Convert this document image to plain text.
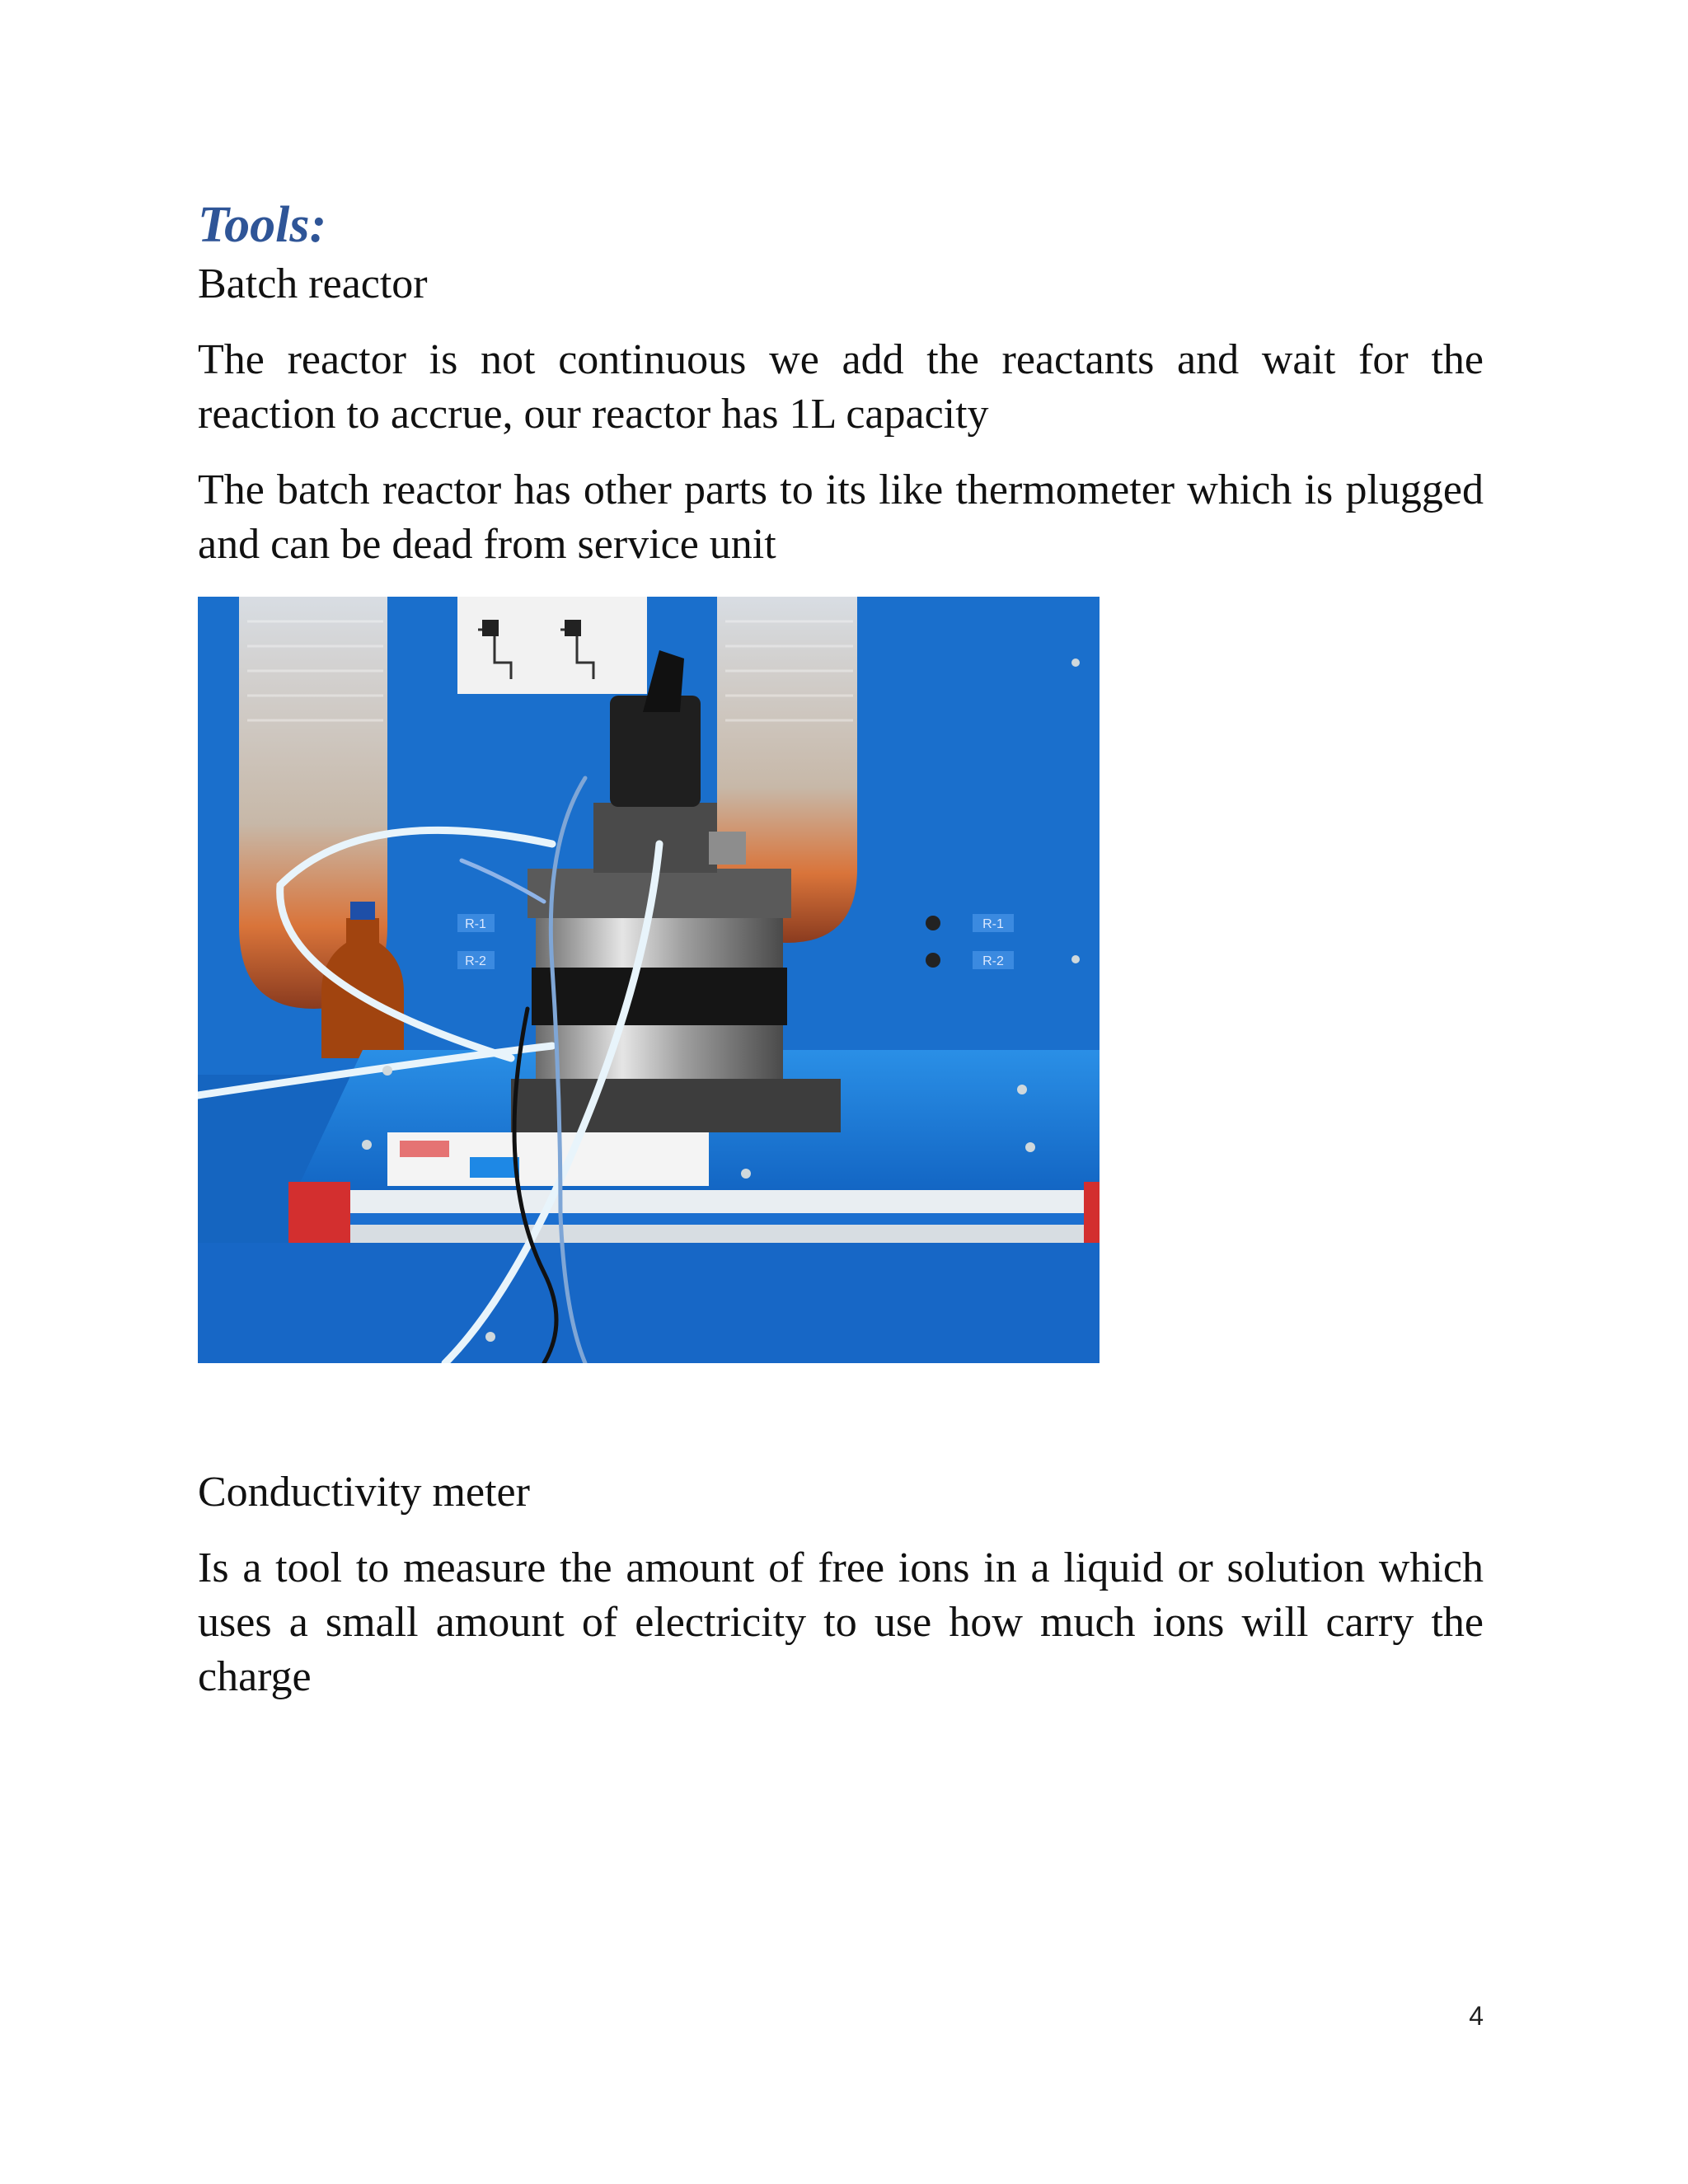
Tools:

Batch reactor

The reactor is not continuous we add the reactants and wait for the reaction to accrue, our reactor has 1L capacity

The batch reactor has other parts to its like thermometer which is plugged and can be dead from service unit

R-1
R-2
R-1
R-2

Conductivity meter

Is a tool to measure the amount of free ions in a liquid or solution which uses a small amount of electricity to use how much ions will carry the charge

4
